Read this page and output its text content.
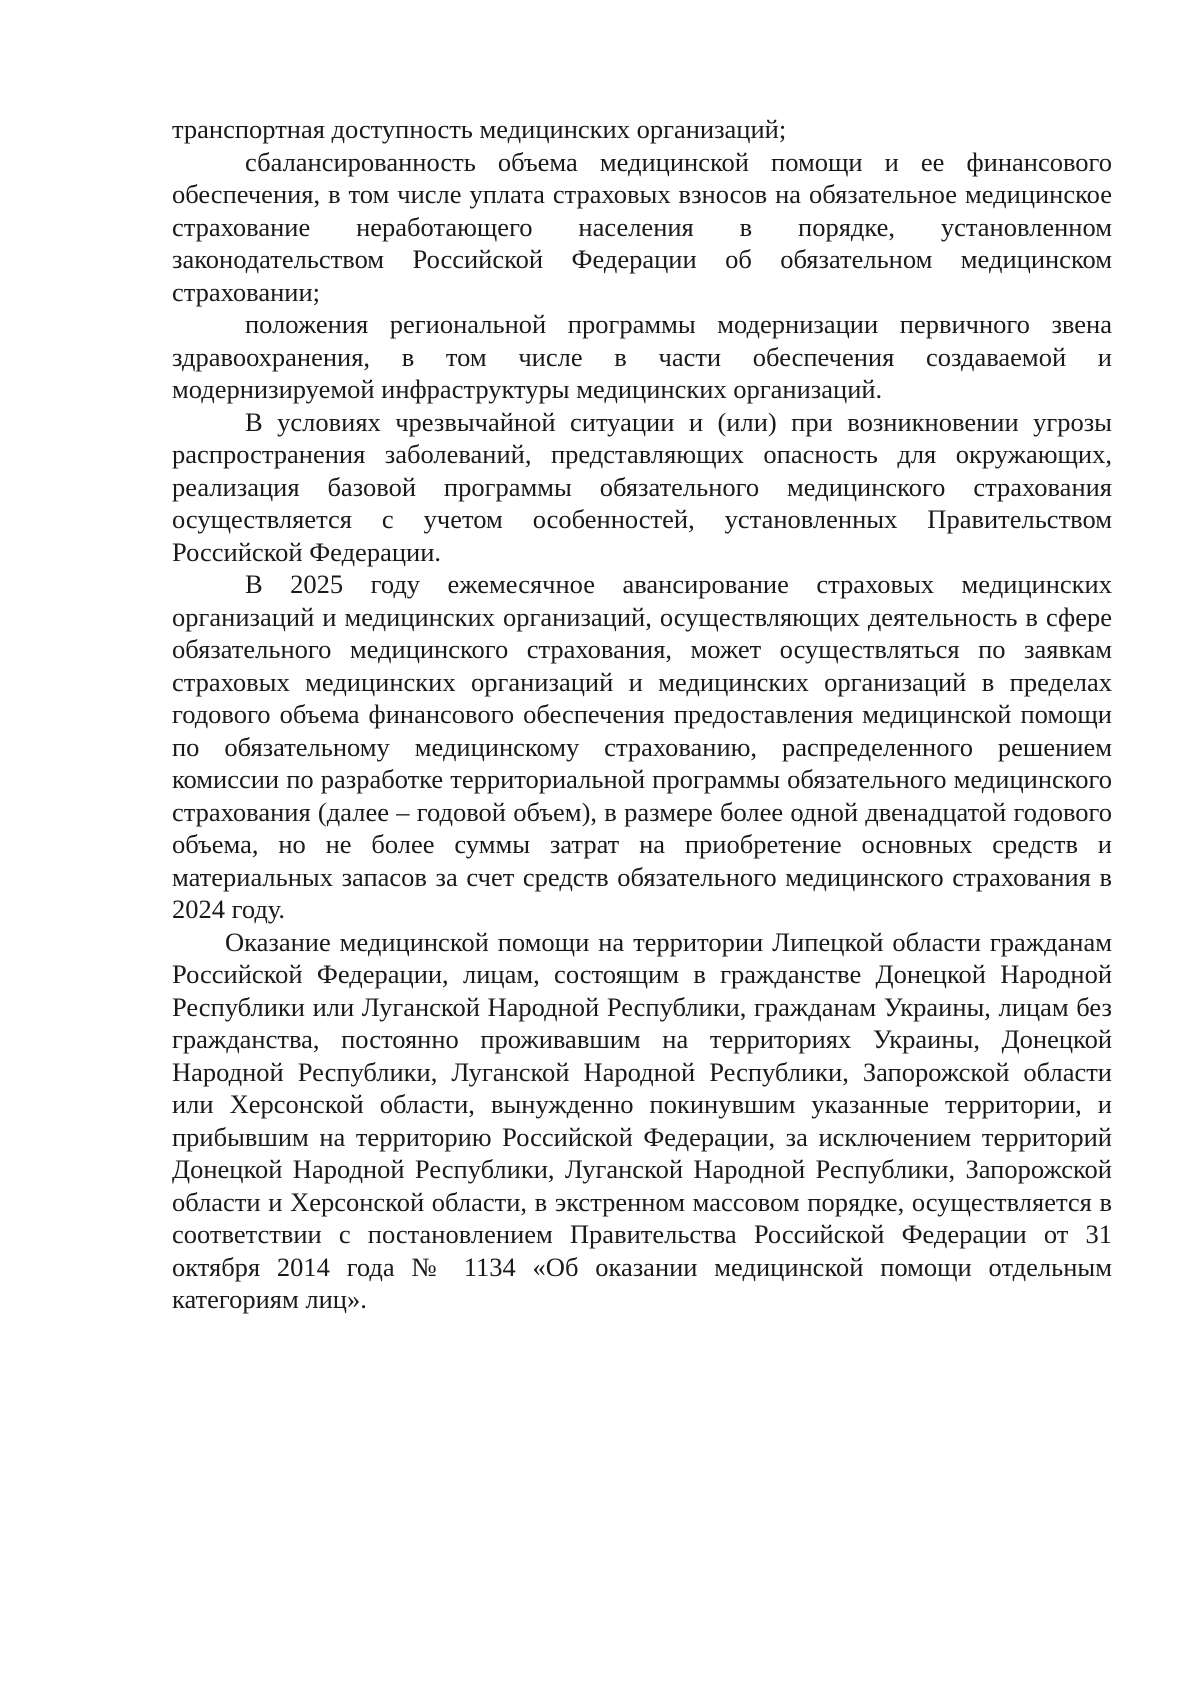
транспортная доступность медицинских организаций;

сбалансированность объема медицинской помощи и ее финансового обеспечения, в том числе уплата страховых взносов на обязательное медицинское страхование неработающего населения в порядке, установленном законодательством Российской Федерации об обязательном медицинском страховании;

положения региональной программы модернизации первичного звена здравоохранения, в том числе в части обеспечения создаваемой и модернизируемой инфраструктуры медицинских организаций.

В условиях чрезвычайной ситуации и (или) при возникновении угрозы распространения заболеваний, представляющих опасность для окружающих, реализация базовой программы обязательного медицинского страхования осуществляется с учетом особенностей, установленных Правительством Российской Федерации.

В 2025 году ежемесячное авансирование страховых медицинских организаций и медицинских организаций, осуществляющих деятельность в сфере обязательного медицинского страхования, может осуществляться по заявкам страховых медицинских организаций и медицинских организаций в пределах годового объема финансового обеспечения предоставления медицинской помощи по обязательному медицинскому страхованию, распределенного решением комиссии по разработке территориальной программы обязательного медицинского страхования (далее – годовой объем), в размере более одной двенадцатой годового объема, но не более суммы затрат на приобретение основных средств и материальных запасов за счет средств обязательного медицинского страхования в 2024 году.

Оказание медицинской помощи на территории Липецкой области гражданам Российской Федерации, лицам, состоящим в гражданстве Донецкой Народной Республики или Луганской Народной Республики, гражданам Украины, лицам без гражданства, постоянно проживавшим на территориях Украины, Донецкой Народной Республики, Луганской Народной Республики, Запорожской области или Херсонской области, вынужденно покинувшим указанные территории, и прибывшим на территорию Российской Федерации, за исключением территорий Донецкой Народной Республики, Луганской Народной Республики, Запорожской области и Херсонской области, в экстренном массовом порядке, осуществляется в соответствии с постановлением Правительства Российской Федерации от 31 октября 2014 года № 1134 «Об оказании медицинской помощи отдельным категориям лиц».
